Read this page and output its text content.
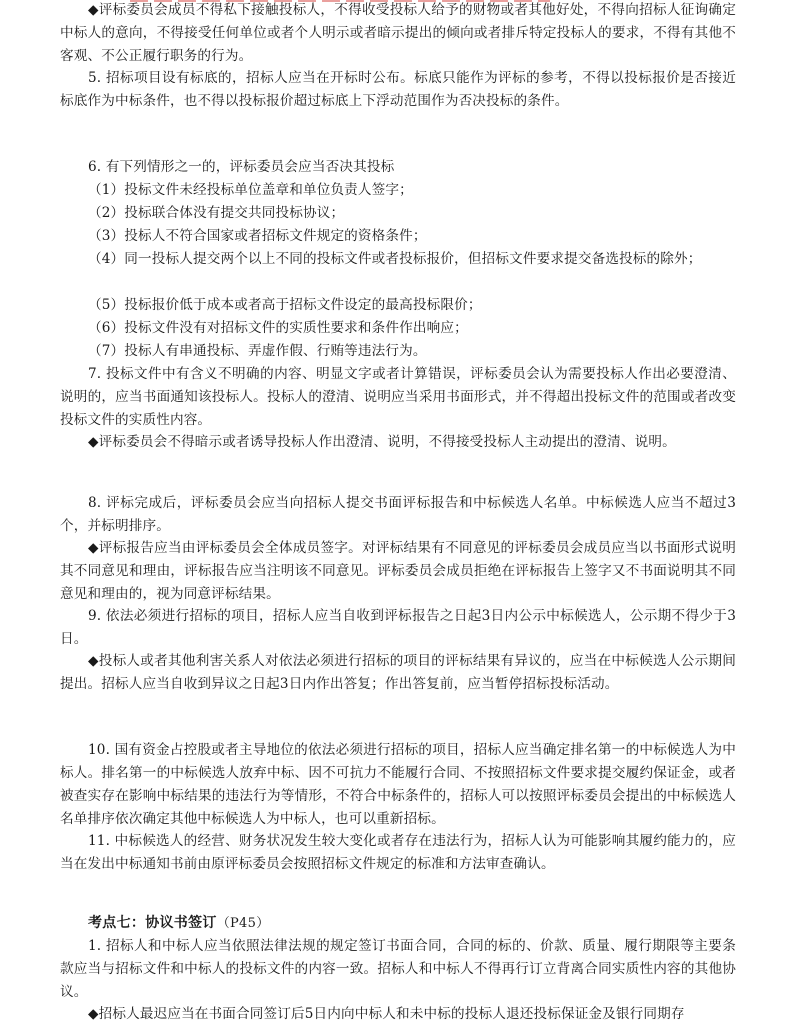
◆评标委员会成员不得私下接触投标人，不得收受投标人给予的财物或者其他好处，不得向招标人征询确定中标人的意向，不得接受任何单位或者个人明示或者暗示提出的倾向或者排斥特定投标人的要求，不得有其他不客观、不公正履行职务的行为。

5. 招标项目设有标底的，招标人应当在开标时公布。标底只能作为评标的参考，不得以投标报价是否接近标底作为中标条件，也不得以投标报价超过标底上下浮动范围作为否决投标的条件。

6. 有下列情形之一的，评标委员会应当否决其投标

（1）投标文件未经投标单位盖章和单位负责人签字；

（2）投标联合体没有提交共同投标协议；

（3）投标人不符合国家或者招标文件规定的资格条件；

（4）同一投标人提交两个以上不同的投标文件或者投标报价，但招标文件要求提交备选投标的除外；

（5）投标报价低于成本或者高于招标文件设定的最高投标限价；

（6）投标文件没有对招标文件的实质性要求和条件作出响应；

（7）投标人有串通投标、弄虚作假、行贿等违法行为。

7. 投标文件中有含义不明确的内容、明显文字或者计算错误，评标委员会认为需要投标人作出必要澄清、说明的，应当书面通知该投标人。投标人的澄清、说明应当采用书面形式，并不得超出投标文件的范围或者改变投标文件的实质性内容。

◆评标委员会不得暗示或者诱导投标人作出澄清、说明，不得接受投标人主动提出的澄清、说明。

8. 评标完成后，评标委员会应当向招标人提交书面评标报告和中标候选人名单。中标候选人应当不超过3个，并标明排序。

◆评标报告应当由评标委员会全体成员签字。对评标结果有不同意见的评标委员会成员应当以书面形式说明其不同意见和理由，评标报告应当注明该不同意见。评标委员会成员拒绝在评标报告上签字又不书面说明其不同意见和理由的，视为同意评标结果。

9. 依法必须进行招标的项目，招标人应当自收到评标报告之日起3日内公示中标候选人，公示期不得少于3日。

◆投标人或者其他利害关系人对依法必须进行招标的项目的评标结果有异议的，应当在中标候选人公示期间提出。招标人应当自收到异议之日起3日内作出答复；作出答复前，应当暂停招标投标活动。

10. 国有资金占控股或者主导地位的依法必须进行招标的项目，招标人应当确定排名第一的中标候选人为中标人。排名第一的中标候选人放弃中标、因不可抗力不能履行合同、不按照招标文件要求提交履约保证金，或者被查实存在影响中标结果的违法行为等情形，不符合中标条件的，招标人可以按照评标委员会提出的中标候选人名单排序依次确定其他中标候选人为中标人，也可以重新招标。

11. 中标候选人的经营、财务状况发生较大变化或者存在违法行为，招标人认为可能影响其履约能力的，应当在发出中标通知书前由原评标委员会按照招标文件规定的标准和方法审查确认。

考点七：协议书签订（P45）

1. 招标人和中标人应当依照法律法规的规定签订书面合同，合同的标的、价款、质量、履行期限等主要条款应当与招标文件和中标人的投标文件的内容一致。招标人和中标人不得再行订立背离合同实质性内容的其他协议。

◆招标人最迟应当在书面合同签订后5日内向中标人和未中标的投标人退还投标保证金及银行同期存
